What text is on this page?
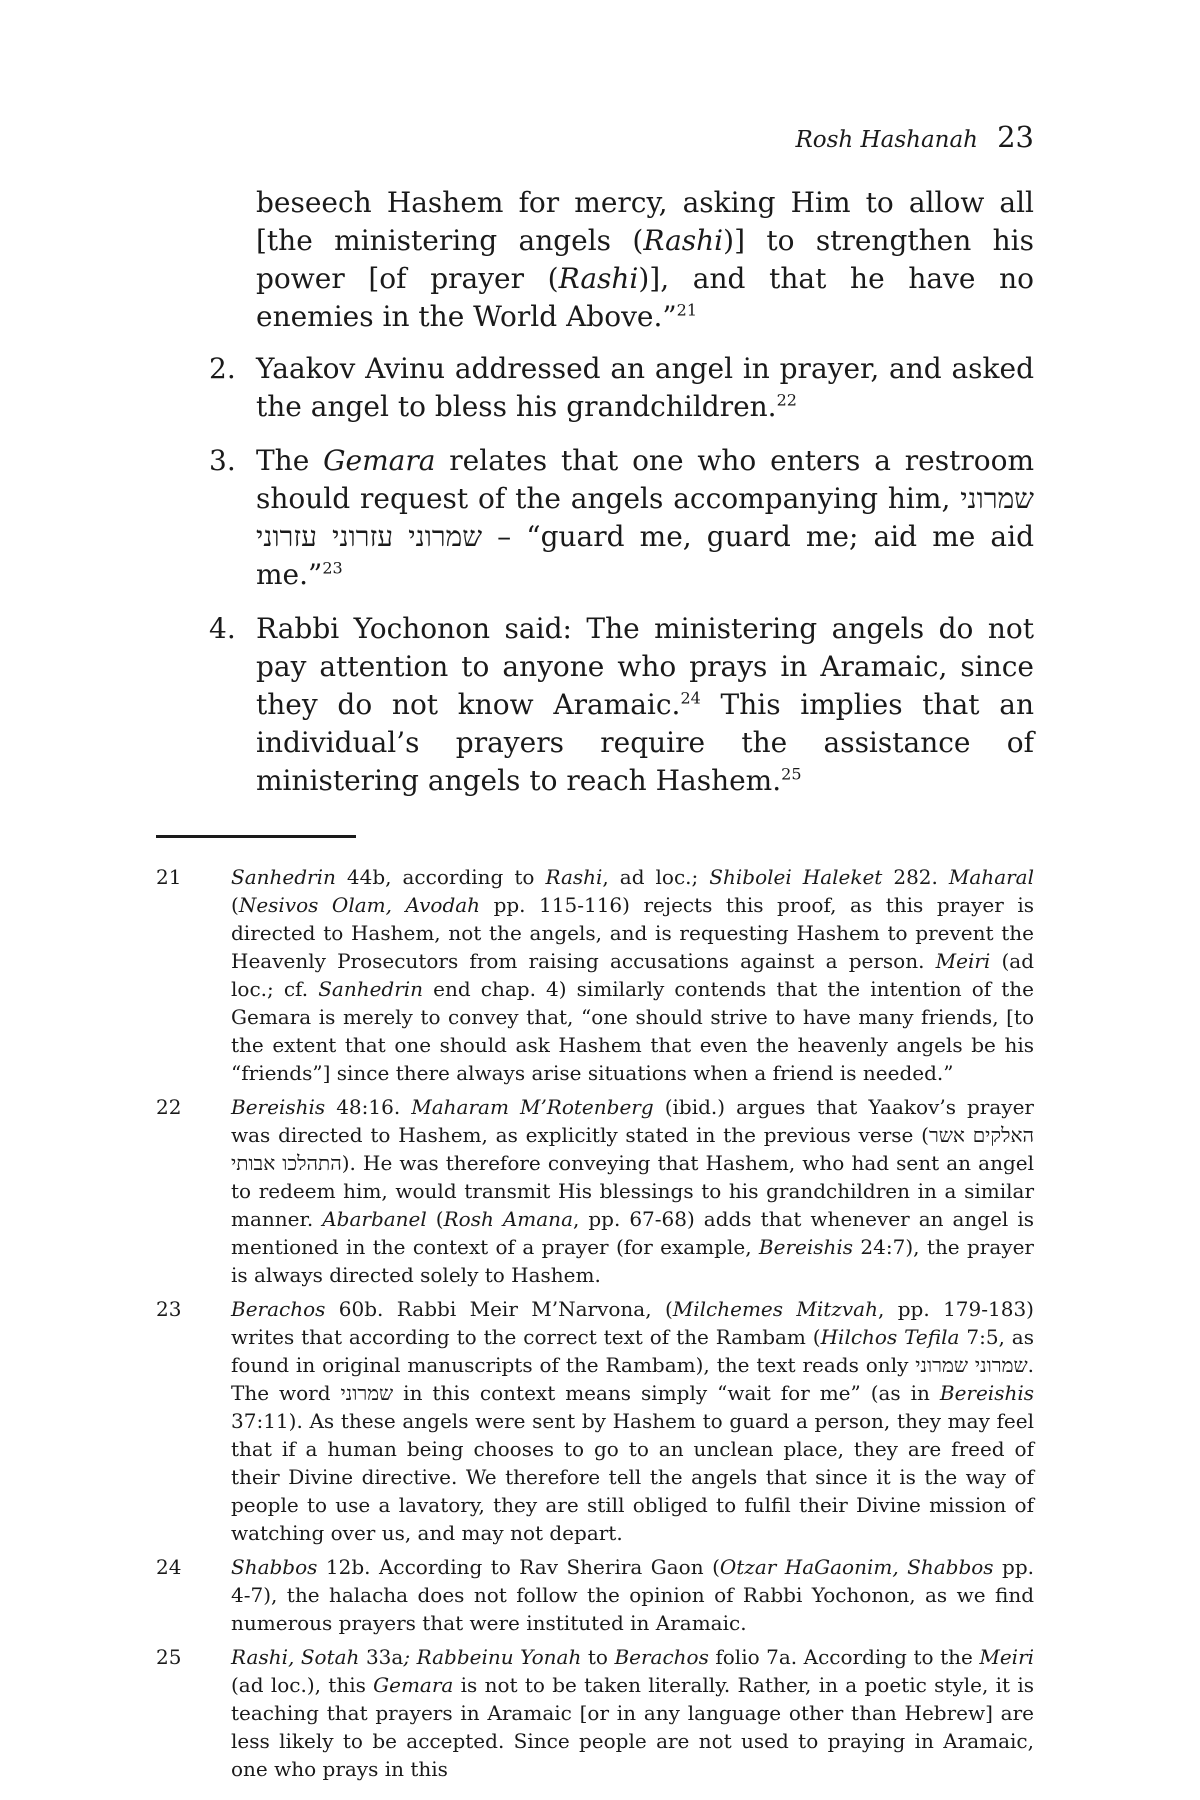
Rosh Hashanah 23

beseech Hashem for mercy, asking Him to allow all [the ministering angels (Rashi)] to strengthen his power [of prayer (Rashi)], and that he have no enemies in the World Above.”$^{21}$

2. Yaakov Avinu addressed an angel in prayer, and asked the angel to bless his grandchildren.$^{22}$
3. The Gemara relates that one who enters a restroom should request of the angels accompanying him, שמרוני שמרוני עזרוני עזרוני – “guard me, guard me; aid me aid me.”$^{23}$
4. Rabbi Yochonon said: The ministering angels do not pay attention to anyone who prays in Aramaic, since they do not know Aramaic.$^{24}$ This implies that an individual’s prayers require the assistance of ministering angels to reach Hashem.$^{25}$
21 Sanhedrin 44b, according to Rashi, ad loc.; Shibolei Haleket 282. Maharal (Nesivos Olam, Avodah pp. 115-116) rejects this proof, as this prayer is directed to Hashem, not the angels, and is requesting Hashem to prevent the Heavenly Prosecutors from raising accusations against a person. Meiri (ad loc.; cf. Sanhedrin end chap. 4) similarly contends that the intention of the Gemara is merely to convey that, “one should strive to have many friends, [to the extent that one should ask Hashem that even the heavenly angels be his “friends”] since there always arise situations when a friend is needed.”
22 Bereishis 48:16. Maharam M’Rotenberg (ibid.) argues that Yaakov’s prayer was directed to Hashem, as explicitly stated in the previous verse (האלקים אשר התהלכו אבותי). He was therefore conveying that Hashem, who had sent an angel to redeem him, would transmit His blessings to his grandchildren in a similar manner. Abarbanel (Rosh Amana, pp. 67-68) adds that whenever an angel is mentioned in the context of a prayer (for example, Bereishis 24:7), the prayer is always directed solely to Hashem.
23 Berachos 60b. Rabbi Meir M’Narvona, (Milchemes Mitzvah, pp. 179-183) writes that according to the correct text of the Rambam (Hilchos Tefila 7:5, as found in original manuscripts of the Rambam), the text reads only שמרוני שמרוני. The word שמרוני in this context means simply “wait for me” (as in Bereishis 37:11). As these angels were sent by Hashem to guard a person, they may feel that if a human being chooses to go to an unclean place, they are freed of their Divine directive. We therefore tell the angels that since it is the way of people to use a lavatory, they are still obliged to fulfil their Divine mission of watching over us, and may not depart.
24 Shabbos 12b. According to Rav Sherira Gaon (Otzar HaGaonim, Shabbos pp. 4-7), the halacha does not follow the opinion of Rabbi Yochonon, as we find numerous prayers that were instituted in Aramaic.
25 Rashi, Sotah 33a; Rabbeinu Yonah to Berachos folio 7a. According to the Meiri (ad loc.), this Gemara is not to be taken literally. Rather, in a poetic style, it is teaching that prayers in Aramaic [or in any language other than Hebrew] are less likely to be accepted. Since people are not used to praying in Aramaic, one who prays in this
